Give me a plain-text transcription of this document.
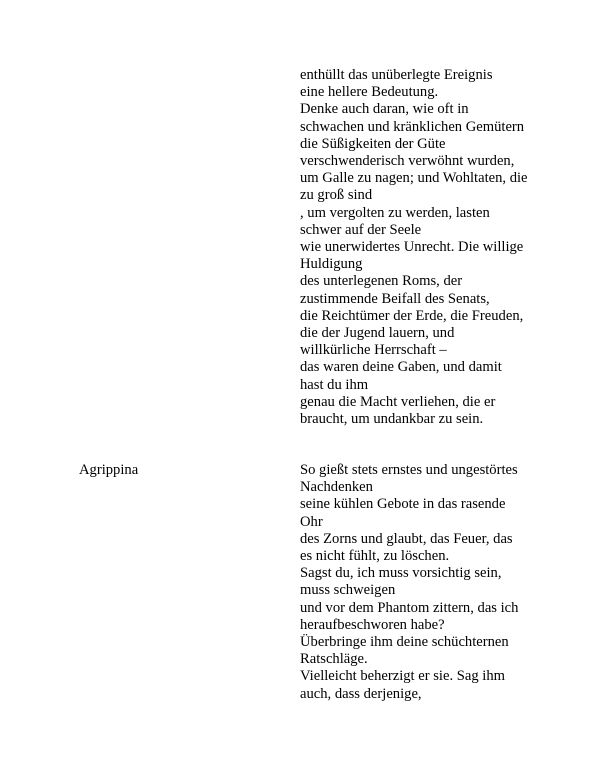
enthüllt das unüberlegte Ereignis
eine hellere Bedeutung.
Denke auch daran, wie oft in schwachen und kränklichen Gemütern
die Süßigkeiten der Güte
verschwenderisch verwöhnt wurden,
um Galle zu nagen; und Wohltaten, die zu groß sind
, um vergolten zu werden, lasten schwer auf der Seele
wie unerwidertes Unrecht. Die willige Huldigung
des unterlegenen Roms, der zustimmende Beifall des Senats,
die Reichtümer der Erde, die Freuden,
die der Jugend lauern, und willkürliche Herrschaft –
das waren deine Gaben, und damit hast du ihm
genau die Macht verliehen, die er braucht, um undankbar zu sein.
Agrippina	So gießt stets ernstes und ungestörtes Nachdenken
seine kühlen Gebote in das rasende Ohr
des Zorns und glaubt, das Feuer, das es nicht fühlt, zu löschen.
Sagst du, ich muss vorsichtig sein, muss schweigen
und vor dem Phantom zittern, das ich heraufbeschworen habe?
Überbringe ihm deine schüchternen Ratschläge.
Vielleicht beherzigt er sie. Sag ihm auch, dass derjenige,
